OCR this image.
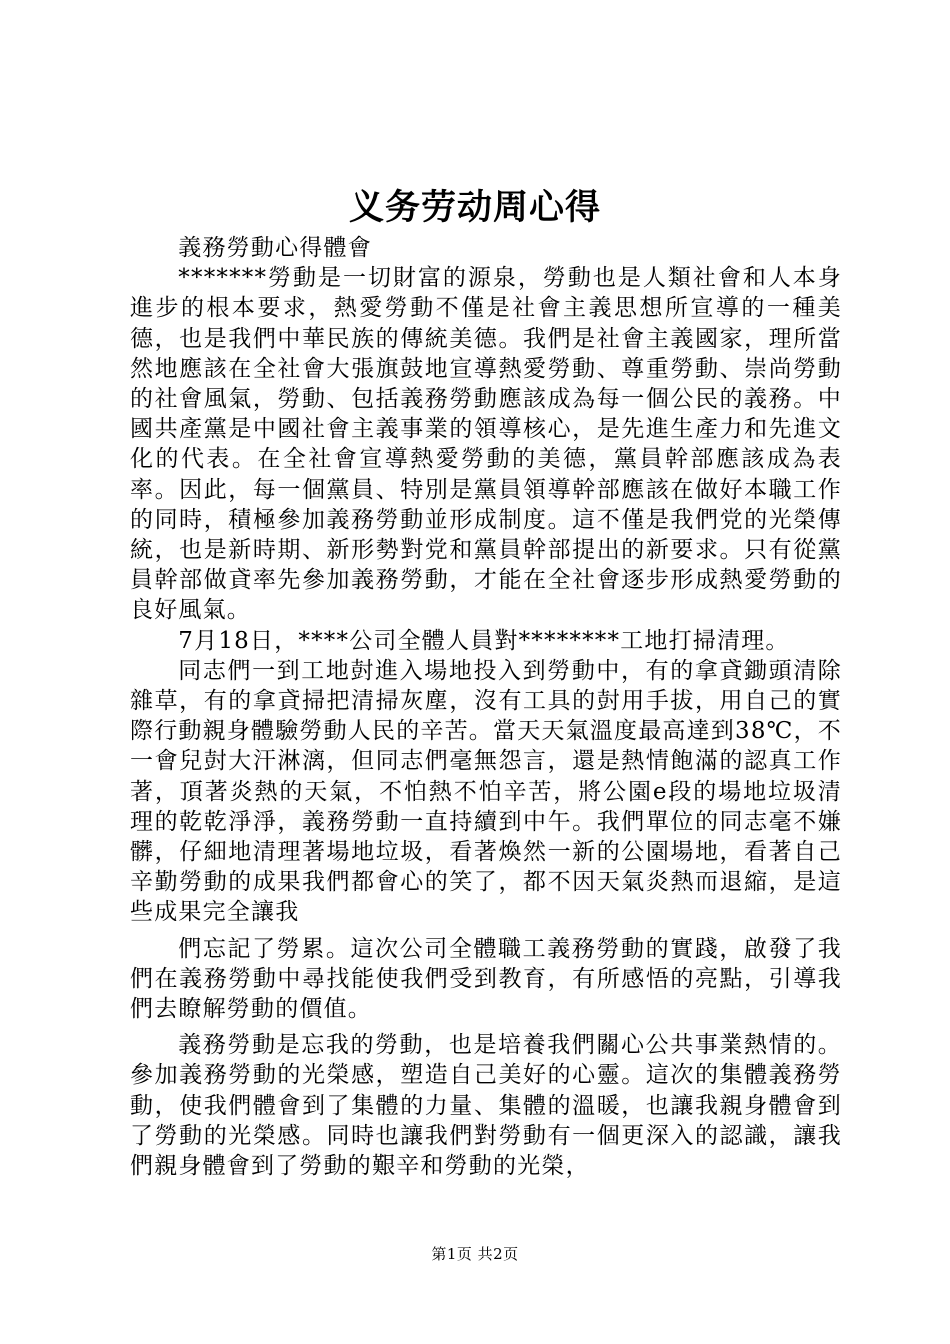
义务劳动周心得

義務勞動心得體會

*******勞動是一切財富的源泉，勞動也是人類社會和人本身進步的根本要求，熱愛勞動不僅是社會主義思想所宣導的一種美德，也是我們中華民族的傳統美德。我們是社會主義國家，理所當然地應該在全社會大張旗鼓地宣導熱愛勞動、尊重勞動、崇尚勞動的社會風氣，勞動、包括義務勞動應該成為每一個公民的義務。中國共產黨是中國社會主義事業的領導核心，是先進生產力和先進文化的代表。在全社會宣導熱愛勞動的美德，黨員幹部應該成為表率。因此，每一個黨員、特別是黨員領導幹部應該在做好本職工作的同時，積極參加義務勞動並形成制度。這不僅是我們党的光榮傳統，也是新時期、新形勢對党和黨員幹部提出的新要求。只有從黨員幹部做貣率先參加義務勞動，才能在全社會逐步形成熱愛勞動的良好風氣。

7月18日，****公司全體人員對********工地打掃清理。

同志們一到工地尌進入場地投入到勞動中，有的拿貣鋤頭清除雜草，有的拿貣掃把清掃灰塵，沒有工具的尌用手拔，用自己的實際行動親身體驗勞動人民的辛苦。當天天氣溫度最高達到38℃，不一會兒尌大汗淋漓，但同志們毫無怨言，還是熱情飽滿的認真工作著，頂著炎熱的天氣，不怕熱不怕辛苦，將公園e段的場地垃圾清理的乾乾淨淨，義務勞動一直持續到中午。我們單位的同志毫不嫌髒，仔細地清理著場地垃圾，看著煥然一新的公園場地，看著自己辛勤勞動的成果我們都會心的笑了，都不因天氣炎熱而退縮，是這些成果完全讓我

們忘記了勞累。這次公司全體職工義務勞動的實踐，啟發了我們在義務勞動中尋找能使我們受到教育，有所感悟的亮點，引導我們去瞭解勞動的價值。

義務勞動是忘我的勞動，也是培養我們關心公共事業熱情的。參加義務勞動的光榮感，塑造自己美好的心靈。這次的集體義務勞動，使我們體會到了集體的力量、集體的溫暖，也讓我親身體會到了勞動的光榮感。同時也讓我們對勞動有一個更深入的認識，讓我們親身體會到了勞動的艱辛和勞動的光榮，

第1页 共2页
